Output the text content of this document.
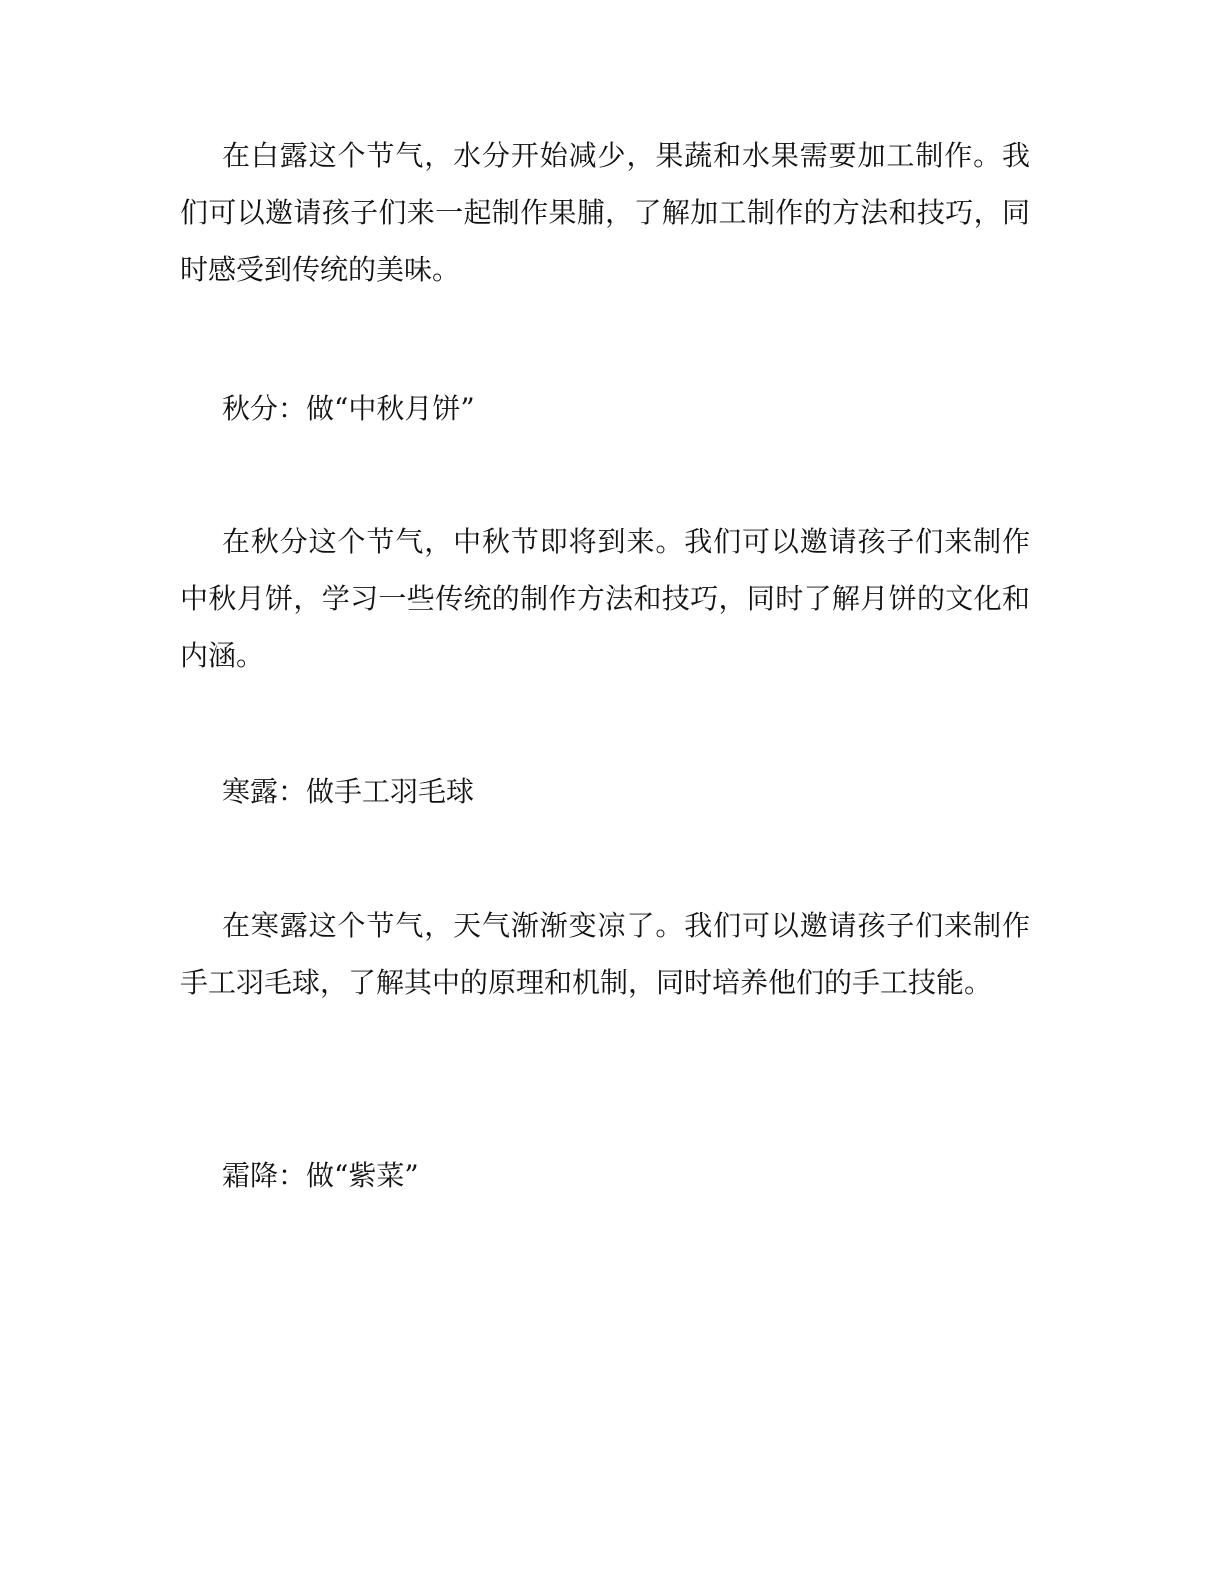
在白露这个节气，水分开始减少，果蔬和水果需要加工制作。我们可以邀请孩子们来一起制作果脯，了解加工制作的方法和技巧，同时感受到传统的美味。

秋分：做“中秋月饼”

在秋分这个节气，中秋节即将到来。我们可以邀请孩子们来制作中秋月饼，学习一些传统的制作方法和技巧，同时了解月饼的文化和内涵。

寒露：做手工羽毛球

在寒露这个节气，天气渐渐变凉了。我们可以邀请孩子们来制作手工羽毛球，了解其中的原理和机制，同时培养他们的手工技能。

霜降：做“紫菜”
